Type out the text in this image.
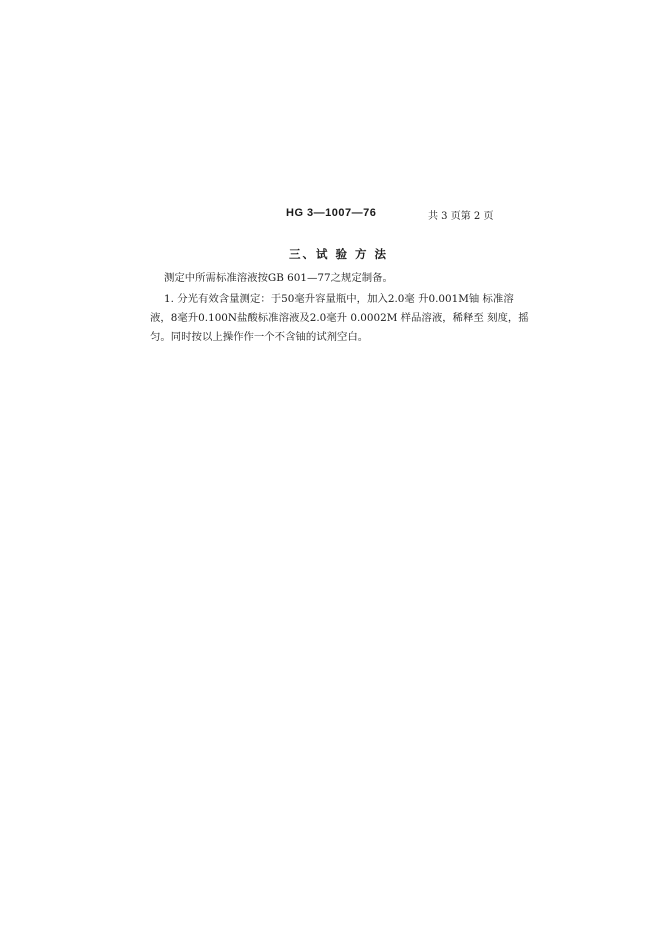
HG 3—1007—76	共 3 页第 2 页
三、试 验 方 法
测定中所需标准溶液按GB 601—77之规定制备。
1. 分光有效含量测定：于50毫升容量瓶中，加入2.0毫 升0.001M铀 标准溶
液，8毫升0.100N盐酸标准溶液及2.0毫升 0.0002M 样品溶液，稀释至 刻度，摇
匀。同时按以上操作作一个不含铀的试剂空白。
